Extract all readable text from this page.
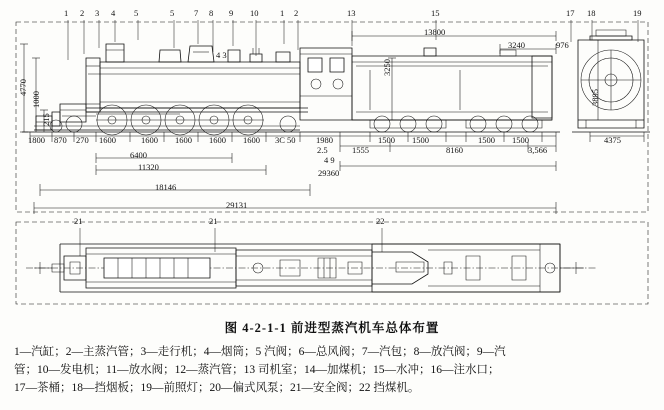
1 2 3 4 5	5 7 8 9 10	1 2	13	15	17 18	19
21	21	22
13800
3240	976
4 3
3250
3895
4770
1000
215
1800 870 270 1600	1600 1600 1600 1600 3C 50 1980	1500 1500	1500 1500	4375
2.5	1555	8160	3,566
6400	4 9
11320
29360
18146
29131
图 4-2-1-1 前进型蒸汽机车总体布置
1—汽缸；2—主蒸汽管；3—走行机；4—烟筒；5 汽阀；6—总风阀；7—汽包；8—放汽阀；9—汽
管；10—发电机；11—放水阀；12—蒸汽管；13 司机室；14—加煤机；15—水冲；16—注水口；
17—茶桶；18—挡烟板；19—前照灯；20—偏式风泵；21—安全阀；22 挡煤机。
